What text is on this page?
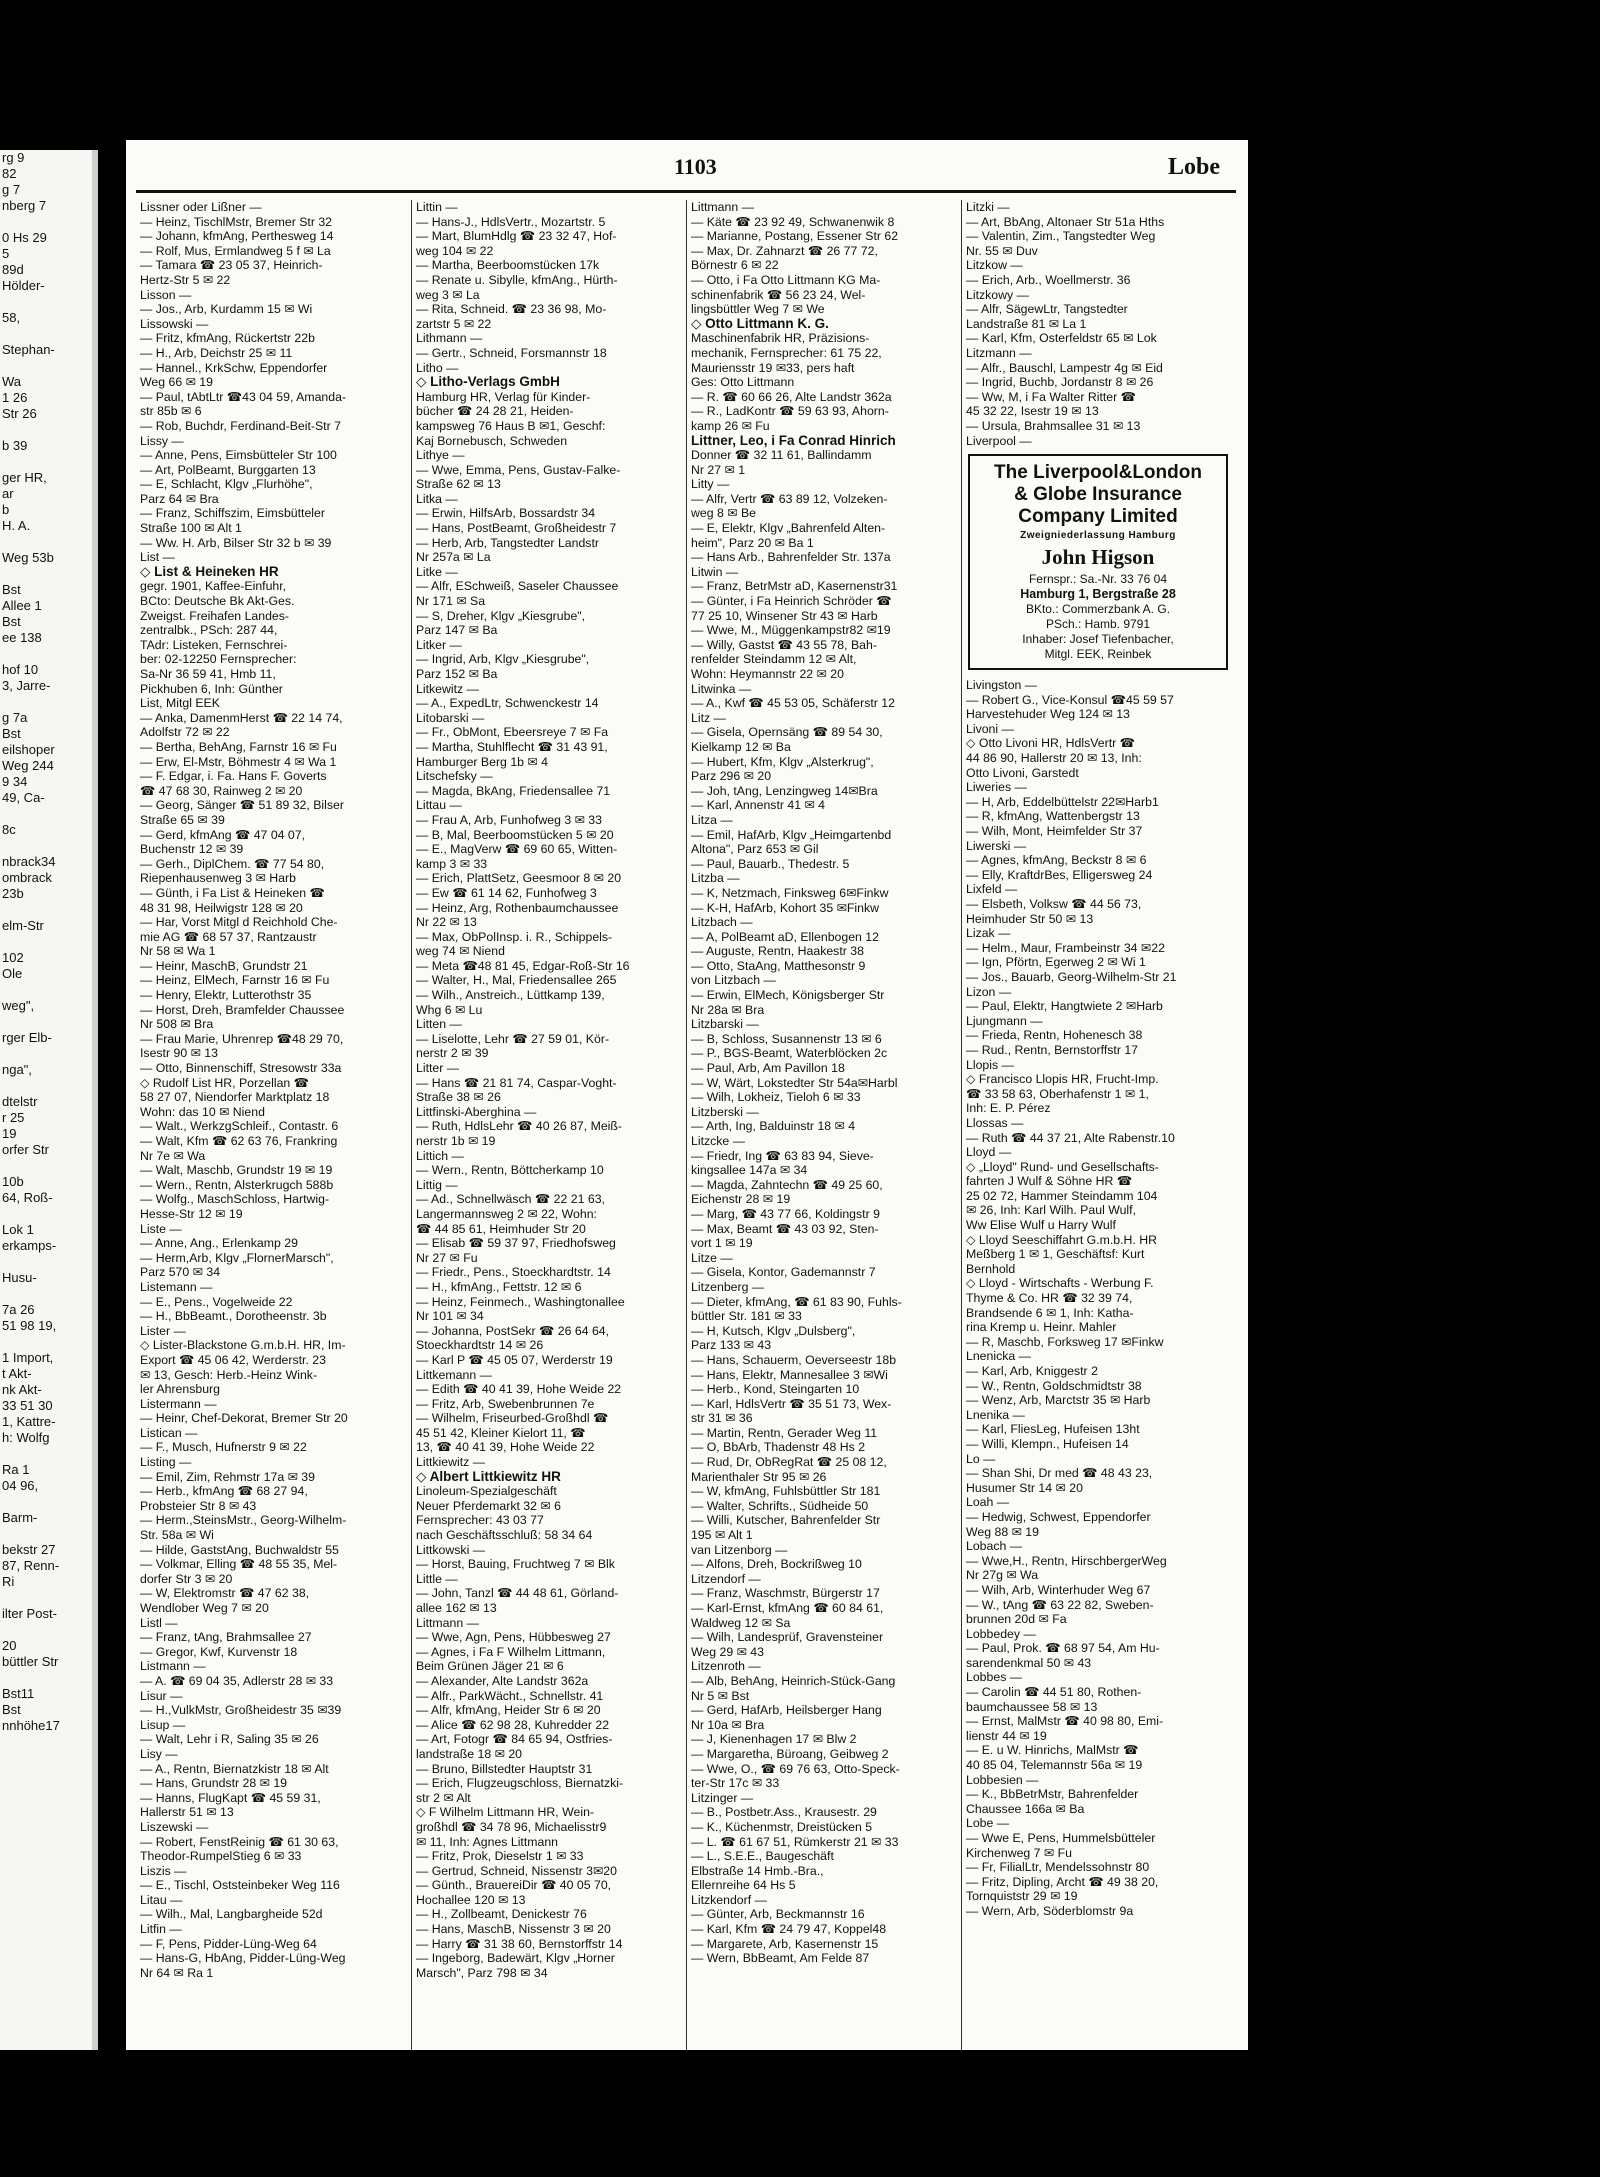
rg 9
82
g 7
nberg 7

0 Hs 29
5
89d
Hölder-

58,

Stephan-

Wa
1 26
Str 26

b 39

ger HR,
ar
b
H. A.

Weg 53b

Bst
Allee 1
Bst
ee 138

hof 10
3, Jarre-

g 7a
Bst
eilshoper
Weg 244
9 34
49, Ca-

8c

nbrack34
ombrack
23b

elm-Str

102
Ole

weg",

rger Elb-

nga",

dtelstr
r 25
19
orfer Str

10b
64, Roß-

Lok 1
erkamps-

Husu-

7a 26
51 98 19,

1 Import,
t Akt-
nk Akt-
33 51 30
1, Kattre-
h: Wolfg

Ra 1
04 96,

Barm-

bekstr 27
87, Renn-
Ri

ilter Post-

20
büttler Str

Bst11
Bst
nnhöhe17
1103	Lobe
Lissner oder Lißner —
— Heinz, TischlMstr, Bremer Str 32
— Johann, kfmAng, Perthesweg 14
— Rolf, Mus, Ermlandweg 5 f ✉ La
— Tamara ☎ 23 05 37, Heinrich-
Hertz-Str 5 ✉ 22
Lisson —
— Jos., Arb, Kurdamm 15 ✉ Wi
Lissowski —
— Fritz, kfmAng, Rückertstr 22b
— H., Arb, Deichstr 25 ✉ 11
— Hannel., KrkSchw, Eppendorfer
Weg 66 ✉ 19
— Paul, tAbtLtr ☎43 04 59, Amanda-
str 85b ✉ 6
— Rob, Buchdr, Ferdinand-Beit-Str 7
Lissy —
— Anne, Pens, Eimsbütteler Str 100
— Art, PolBeamt, Burggarten 13
— E, Schlacht, Klgv „Flurhöhe",
Parz 64 ✉ Bra
— Franz, Schiffszim, Eimsbütteler
Straße 100 ✉ Alt 1
— Ww. H. Arb, Bilser Str 32 b ✉ 39
List —
◇ List & Heineken HR
gegr. 1901, Kaffee-Einfuhr,
BCto: Deutsche Bk Akt-Ges.
Zweigst. Freihafen Landes-
zentralbk., PSch: 287 44,
TAdr: Listeken, Fernschrei-
ber: 02-12250 Fernsprecher:
Sa-Nr 36 59 41, Hmb 11,
Pickhuben 6, Inh: Günther
List, Mitgl EEK
— Anka, DamenmHerst ☎ 22 14 74,
Adolfstr 72 ✉ 22
— Bertha, BehAng, Farnstr 16 ✉ Fu
— Erw, El-Mstr, Böhmestr 4 ✉ Wa 1
— F. Edgar, i. Fa. Hans F. Goverts
☎ 47 68 30, Rainweg 2 ✉ 20
— Georg, Sänger ☎ 51 89 32, Bilser
Straße 65 ✉ 39
— Gerd, kfmAng ☎ 47 04 07,
Buchenstr 12 ✉ 39
— Gerh., DiplChem. ☎ 77 54 80,
Riepenhausenweg 3 ✉ Harb
— Günth, i Fa List & Heineken ☎
48 31 98, Heilwigstr 128 ✉ 20
— Har, Vorst Mitgl d Reichhold Che-
mie AG ☎ 68 57 37, Rantzaustr
Nr 58 ✉ Wa 1
— Heinr, MaschB, Grundstr 21
— Heinz, ElMech, Farnstr 16 ✉ Fu
— Henry, Elektr, Lutterothstr 35
— Horst, Dreh, Bramfelder Chaussee
Nr 508 ✉ Bra
— Frau Marie, Uhrenrep ☎48 29 70,
Isestr 90 ✉ 13
— Otto, Binnenschiff, Stresowstr 33a
◇ Rudolf List HR, Porzellan ☎
58 27 07, Niendorfer Marktplatz 18
Wohn: das 10 ✉ Niend
— Walt., WerkzgSchleif., Contastr. 6
— Walt, Kfm ☎ 62 63 76, Frankring
Nr 7e ✉ Wa
— Walt, Maschb, Grundstr 19 ✉ 19
— Wern., Rentn, Alsterkrugch 588b
— Wolfg., MaschSchloss, Hartwig-
Hesse-Str 12 ✉ 19
Liste —
— Anne, Ang., Erlenkamp 29
— Herm,Arb, Klgv „FlornerMarsch",
Parz 570 ✉ 34
Listemann —
— E., Pens., Vogelweide 22
— H., BbBeamt., Dorotheenstr. 3b
Lister —
◇ Lister-Blackstone G.m.b.H. HR, Im-
Export ☎ 45 06 42, Werderstr. 23
✉ 13, Gesch: Herb.-Heinz Wink-
ler Ahrensburg
Listermann —
— Heinr, Chef-Dekorat, Bremer Str 20
Listican —
— F., Musch, Hufnerstr 9 ✉ 22
Listing —
— Emil, Zim, Rehmstr 17a ✉ 39
— Herb., kfmAng ☎ 68 27 94,
Probsteier Str 8 ✉ 43
— Herm.,SteinsMstr., Georg-Wilhelm-
Str. 58a ✉ Wi
— Hilde, GaststAng, Buchwaldstr 55
— Volkmar, Elling ☎ 48 55 35, Mel-
dorfer Str 3 ✉ 20
— W, Elektromstr ☎ 47 62 38,
Wendlober Weg 7 ✉ 20
Listl —
— Franz, tAng, Brahmsallee 27
— Gregor, Kwf, Kurvenstr 18
Listmann —
— A. ☎ 69 04 35, Adlerstr 28 ✉ 33
Lisur —
— H.,VulkMstr, Großheidestr 35 ✉39
Lisup —
— Walt, Lehr i R, Saling 35 ✉ 26
Lisy —
— A., Rentn, Biernatzkistr 18 ✉ Alt
— Hans, Grundstr 28 ✉ 19
— Hanns, FlugKapt ☎ 45 59 31,
Hallerstr 51 ✉ 13
Liszewski —
— Robert, FenstReinig ☎ 61 30 63,
Theodor-RumpelStieg 6 ✉ 33
Liszis —
— E., Tischl, Oststeinbeker Weg 116
Litau —
— Wilh., Mal, Langbargheide 52d
Litfin —
— F, Pens, Pidder-Lüng-Weg 64
— Hans-G, HbAng, Pidder-Lüng-Weg
Nr 64 ✉ Ra 1
Littin —
— Hans-J., HdlsVertr., Mozartstr. 5
— Mart, BlumHdlg ☎ 23 32 47, Hof-
weg 104 ✉ 22
— Martha, Beerboomstücken 17k
— Renate u. Sibylle, kfmAng., Hürth-
weg 3 ✉ La
— Rita, Schneid. ☎ 23 36 98, Mo-
zartstr 5 ✉ 22
Lithmann —
— Gertr., Schneid, Forsmannstr 18
Litho —
◇ Litho-Verlags GmbH
Hamburg HR, Verlag für Kinder-
bücher ☎ 24 28 21, Heiden-
kampsweg 76 Haus B ✉1, Geschf:
Kaj Bornebusch, Schweden
Lithye —
— Wwe, Emma, Pens, Gustav-Falke-
Straße 62 ✉ 13
Litka —
— Erwin, HilfsArb, Bossardstr 34
— Hans, PostBeamt, Großheidestr 7
— Herb, Arb, Tangstedter Landstr
Nr 257a ✉ La
Litke —
— Alfr, ESchweiß, Saseler Chaussee
Nr 171 ✉ Sa
— S, Dreher, Klgv „Kiesgrube",
Parz 147 ✉ Ba
Litker —
— Ingrid, Arb, Klgv „Kiesgrube",
Parz 152 ✉ Ba
Litkewitz —
— A., ExpedLtr, Schwenckestr 14
Litobarski —
— Fr., ObMont, Ebeersreye 7 ✉ Fa
— Martha, Stuhlflecht ☎ 31 43 91,
Hamburger Berg 1b ✉ 4
Litschefsky —
— Magda, BkAng, Friedensallee 71
Littau —
— Frau A, Arb, Funhofweg 3 ✉ 33
— B, Mal, Beerboomstücken 5 ✉ 20
— E., MagVerw ☎ 69 60 65, Witten-
kamp 3 ✉ 33
— Erich, PlattSetz, Geesmoor 8 ✉ 20
— Ew ☎ 61 14 62, Funhofweg 3
— Heinz, Arg, Rothenbaumchaussee
Nr 22 ✉ 13
— Max, ObPolInsp. i. R., Schippels-
weg 74 ✉ Niend
— Meta ☎48 81 45, Edgar-Roß-Str 16
— Walter, H., Mal, Friedensallee 265
— Wilh., Anstreich., Lüttkamp 139,
Whg 6 ✉ Lu
Litten —
— Liselotte, Lehr ☎ 27 59 01, Kör-
nerstr 2 ✉ 39
Litter —
— Hans ☎ 21 81 74, Caspar-Voght-
Straße 38 ✉ 26
Littfinski-Aberghina —
— Ruth, HdlsLehr ☎ 40 26 87, Meiß-
nerstr 1b ✉ 19
Littich —
— Wern., Rentn, Böttcherkamp 10
Littig —
— Ad., Schnellwäsch ☎ 22 21 63,
Langermannsweg 2 ✉ 22, Wohn:
☎ 44 85 61, Heimhuder Str 20
— Elisab ☎ 59 37 97, Friedhofsweg
Nr 27 ✉ Fu
— Friedr., Pens., Stoeckhardtstr. 14
— H., kfmAng., Fettstr. 12 ✉ 6
— Heinz, Feinmech., Washingtonallee
Nr 101 ✉ 34
— Johanna, PostSekr ☎ 26 64 64,
Stoeckhardtstr 14 ✉ 26
— Karl P ☎ 45 05 07, Werderstr 19
Littkemann —
— Edith ☎ 40 41 39, Hohe Weide 22
— Fritz, Arb, Swebenbrunnen 7e
— Wilhelm, Friseurbed-Großhdl ☎
45 51 42, Kleiner Kielort 11, ☎
13, ☎ 40 41 39, Hohe Weide 22
Littkiewitz —
◇ Albert Littkiewitz HR
Linoleum-Spezialgeschäft
Neuer Pferdemarkt 32 ✉ 6
Fernsprecher: 43 03 77
nach Geschäftsschluß: 58 34 64
Littkowski —
— Horst, Bauing, Fruchtweg 7 ✉ Blk
Little —
— John, Tanzl ☎ 44 48 61, Görland-
allee 162 ✉ 13
Littmann —
— Wwe, Agn, Pens, Hübbesweg 27
— Agnes, i Fa F Wilhelm Littmann,
Beim Grünen Jäger 21 ✉ 6
— Alexander, Alte Landstr 362a
— Alfr., ParkWächt., Schnellstr. 41
— Alfr, kfmAng, Heider Str 6 ✉ 20
— Alice ☎ 62 98 28, Kuhredder 22
— Art, Fotogr ☎ 84 65 94, Ostfries-
landstraße 18 ✉ 20
— Bruno, Billstedter Hauptstr 31
— Erich, Flugzeugschloss, Biernatzki-
str 2 ✉ Alt
◇ F Wilhelm Littmann HR, Wein-
großhdl ☎ 34 78 96, Michaelisstr9
✉ 11, Inh: Agnes Littmann
— Fritz, Prok, Dieselstr 1 ✉ 33
— Gertrud, Schneid, Nissenstr 3✉20
— Günth., BrauereiDir ☎ 40 05 70,
Hochallee 120 ✉ 13
— H., Zollbeamt, Denickestr 76
— Hans, MaschB, Nissenstr 3 ✉ 20
— Harry ☎ 31 38 60, Bernstorffstr 14
— Ingeborg, Badewärt, Klgv „Horner
Marsch", Parz 798 ✉ 34
Littmann —
— Käte ☎ 23 92 49, Schwanenwik 8
— Marianne, Postang, Essener Str 62
— Max, Dr. Zahnarzt ☎ 26 77 72,
Börnestr 6 ✉ 22
— Otto, i Fa Otto Littmann KG Ma-
schinenfabrik ☎ 56 23 24, Wel-
lingsbüttler Weg 7 ✉ We
◇ Otto Littmann K. G.
Maschinenfabrik HR, Präzisions-
mechanik, Fernsprecher: 61 75 22,
Mauriensstr 19 ✉33, pers haft
Ges: Otto Littmann
— R. ☎ 60 66 26, Alte Landstr 362a
— R., LadKontr ☎ 59 63 93, Ahorn-
kamp 26 ✉ Fu
Littner, Leo, i Fa Conrad Hinrich
Donner ☎ 32 11 61, Ballindamm
Nr 27 ✉ 1
Litty —
— Alfr, Vertr ☎ 63 89 12, Volzeken-
weg 8 ✉ Be
— E, Elektr, Klgv „Bahrenfeld Alten-
heim", Parz 20 ✉ Ba 1
— Hans Arb., Bahrenfelder Str. 137a
Litwin —
— Franz, BetrMstr aD, Kasernenstr31
— Günter, i Fa Heinrich Schröder ☎
77 25 10, Winsener Str 43 ✉ Harb
— Wwe, M., Müggenkampstr82 ✉19
— Willy, Gastst ☎ 43 55 78, Bah-
renfelder Steindamm 12 ✉ Alt,
Wohn: Heymannstr 22 ✉ 20
Litwinka —
— A., Kwf ☎ 45 53 05, Schäferstr 12
Litz —
— Gisela, Opernsäng ☎ 89 54 30,
Kielkamp 12 ✉ Ba
— Hubert, Kfm, Klgv „Alsterkrug",
Parz 296 ✉ 20
— Joh, tAng, Lenzingweg 14✉Bra
— Karl, Annenstr 41 ✉ 4
Litza —
— Emil, HafArb, Klgv „Heimgartenbd
Altona", Parz 653 ✉ Gil
— Paul, Bauarb., Thedestr. 5
Litzba —
— K, Netzmach, Finksweg 6✉Finkw
— K-H, HafArb, Kohort 35 ✉Finkw
Litzbach —
— A, PolBeamt aD, Ellenbogen 12
— Auguste, Rentn, Haakestr 38
— Otto, StaAng, Matthesonstr 9
von Litzbach —
— Erwin, ElMech, Königsberger Str
Nr 28a ✉ Bra
Litzbarski —
— B, Schloss, Susannenstr 13 ✉ 6
— P., BGS-Beamt, Waterblöcken 2c
— Paul, Arb, Am Pavillon 18
— W, Wärt, Lokstedter Str 54a✉Harbl
— Wilh, Lokheiz, Tieloh 6 ✉ 33
Litzberski —
— Arth, Ing, Balduinstr 18 ✉ 4
Litzcke —
— Friedr, Ing ☎ 63 83 94, Sieve-
kingsallee 147a ✉ 34
— Magda, Zahntechn ☎ 49 25 60,
Eichenstr 28 ✉ 19
— Marg, ☎ 43 77 66, Koldingstr 9
— Max, Beamt ☎ 43 03 92, Sten-
vort 1 ✉ 19
Litze —
— Gisela, Kontor, Gademannstr 7
Litzenberg —
— Dieter, kfmAng, ☎ 61 83 90, Fuhls-
büttler Str. 181 ✉ 33
— H, Kutsch, Klgv „Dulsberg",
Parz 133 ✉ 43
— Hans, Schauerm, Oeverseestr 18b
— Hans, Elektr, Mannesallee 3 ✉Wi
— Herb., Kond, Steingarten 10
— Karl, HdlsVertr ☎ 35 51 73, Wex-
str 31 ✉ 36
— Martin, Rentn, Gerader Weg 11
— O, BbArb, Thadenstr 48 Hs 2
— Rud, Dr, ObRegRat ☎ 25 08 12,
Marienthaler Str 95 ✉ 26
— W, kfmAng, Fuhlsbüttler Str 181
— Walter, Schrifts., Südheide 50
— Willi, Kutscher, Bahrenfelder Str
195 ✉ Alt 1
van Litzenborg —
— Alfons, Dreh, Bockrißweg 10
Litzendorf —
— Franz, Waschmstr, Bürgerstr 17
— Karl-Ernst, kfmAng ☎ 60 84 61,
Waldweg 12 ✉ Sa
— Wilh, Landesprüf, Gravensteiner
Weg 29 ✉ 43
Litzenroth —
— Alb, BehAng, Heinrich-Stück-Gang
Nr 5 ✉ Bst
— Gerd, HafArb, Heilsberger Hang
Nr 10a ✉ Bra
— J, Kienenhagen 17 ✉ Blw 2
— Margaretha, Büroang, Geibweg 2
— Wwe, O., ☎ 69 76 63, Otto-Speck-
ter-Str 17c ✉ 33
Litzinger —
— B., Postbetr.Ass., Krausestr. 29
— K., Küchenmstr, Dreistücken 5
— L. ☎ 61 67 51, Rümkerstr 21 ✉ 33
— L., S.E.E., Baugeschäft
Elbstraße 14 Hmb.-Bra.,
Ellernreihe 64 Hs 5
Litzkendorf —
— Günter, Arb, Beckmannstr 16
— Karl, Kfm ☎ 24 79 47, Koppel48
— Margarete, Arb, Kasernenstr 15
— Wern, BbBeamt, Am Felde 87
Litzki —
— Art, BbAng, Altonaer Str 51a Hths
— Valentin, Zim., Tangstedter Weg
Nr. 55 ✉ Duv
Litzkow —
— Erich, Arb., Woellmerstr. 36
Litzkowy —
— Alfr, SägewLtr, Tangstedter
Landstraße 81 ✉ La 1
— Karl, Kfm, Osterfeldstr 65 ✉ Lok
Litzmann —
— Alfr., Bauschl, Lampestr 4g ✉ Eid
— Ingrid, Buchb, Jordanstr 8 ✉ 26
— Ww, M, i Fa Walter Ritter ☎
45 32 22, Isestr 19 ✉ 13
— Ursula, Brahmsallee 31 ✉ 13
Liverpool —
The Liverpool&London
& Globe Insurance
Company Limited
Zweigniederlassung Hamburg
John Higson
Fernspr.: Sa.-Nr. 33 76 04
Hamburg 1, Bergstraße 28
BKto.: Commerzbank A. G.
PSch.: Hamb. 9791
Inhaber: Josef Tiefenbacher,
Mitgl. EEK, Reinbek
Livingston —
— Robert G., Vice-Konsul ☎45 59 57
Harvestehuder Weg 124 ✉ 13
Livoni —
◇ Otto Livoni HR, HdlsVertr ☎
44 86 90, Hallerstr 20 ✉ 13, Inh:
Otto Livoni, Garstedt
Liweries —
— H, Arb, Eddelbüttelstr 22✉Harb1
— R, kfmAng, Wattenbergstr 13
— Wilh, Mont, Heimfelder Str 37
Liwerski —
— Agnes, kfmAng, Beckstr 8 ✉ 6
— Elly, KraftdrBes, Elligersweg 24
Lixfeld —
— Elsbeth, Volksw ☎ 44 56 73,
Heimhuder Str 50 ✉ 13
Lizak —
— Helm., Maur, Frambeinstr 34 ✉22
— Ign, Pförtn, Egerweg 2 ✉ Wi 1
— Jos., Bauarb, Georg-Wilhelm-Str 21
Lizon —
— Paul, Elektr, Hangtwiete 2 ✉Harb
Ljungmann —
— Frieda, Rentn, Hohenesch 38
— Rud., Rentn, Bernstorffstr 17
Llopis —
◇ Francisco Llopis HR, Frucht-Imp.
☎ 33 58 63, Oberhafenstr 1 ✉ 1,
Inh: E. P. Pérez
Llossas —
— Ruth ☎ 44 37 21, Alte Rabenstr.10
Lloyd —
◇ „Lloyd" Rund- und Gesellschafts-
fahrten J Wulf & Söhne HR ☎
25 02 72, Hammer Steindamm 104
✉ 26, Inh: Karl Wilh. Paul Wulf,
Ww Elise Wulf u Harry Wulf
◇ Lloyd Seeschiffahrt G.m.b.H. HR
Meßberg 1 ✉ 1, Geschäftsf: Kurt
Bernhold
◇ Lloyd - Wirtschafts - Werbung F.
Thyme & Co. HR ☎ 32 39 74,
Brandsende 6 ✉ 1, Inh: Katha-
rina Kremp u. Heinr. Mahler
— R, Maschb, Forksweg 17 ✉Finkw
Lnenicka —
— Karl, Arb, Kniggestr 2
— W., Rentn, Goldschmidtstr 38
— Wenz, Arb, Marctstr 35 ✉ Harb
Lnenika —
— Karl, FliesLeg, Hufeisen 13ht
— Willi, Klempn., Hufeisen 14
Lo —
— Shan Shi, Dr med ☎ 48 43 23,
Husumer Str 14 ✉ 20
Loah —
— Hedwig, Schwest, Eppendorfer
Weg 88 ✉ 19
Lobach —
— Wwe,H., Rentn, HirschbergerWeg
Nr 27g ✉ Wa
— Wilh, Arb, Winterhuder Weg 67
— W., tAng ☎ 63 22 82, Sweben-
brunnen 20d ✉ Fa
Lobbedey —
— Paul, Prok. ☎ 68 97 54, Am Hu-
sarendenkmal 50 ✉ 43
Lobbes —
— Carolin ☎ 44 51 80, Rothen-
baumchaussee 58 ✉ 13
— Ernst, MalMstr ☎ 40 98 80, Emi-
lienstr 44 ✉ 19
— E. u W. Hinrichs, MalMstr ☎
40 85 04, Telemannstr 56a ✉ 19
Lobbesien —
— K., BbBetrMstr, Bahrenfelder
Chaussee 166a ✉ Ba
Lobe —
— Wwe E, Pens, Hummelsbütteler
Kirchenweg 7 ✉ Fu
— Fr, FilialLtr, Mendelssohnstr 80
— Fritz, Dipling, Archt ☎ 49 38 20,
Tornquiststr 29 ✉ 19
— Wern, Arb, Söderblomstr 9a
